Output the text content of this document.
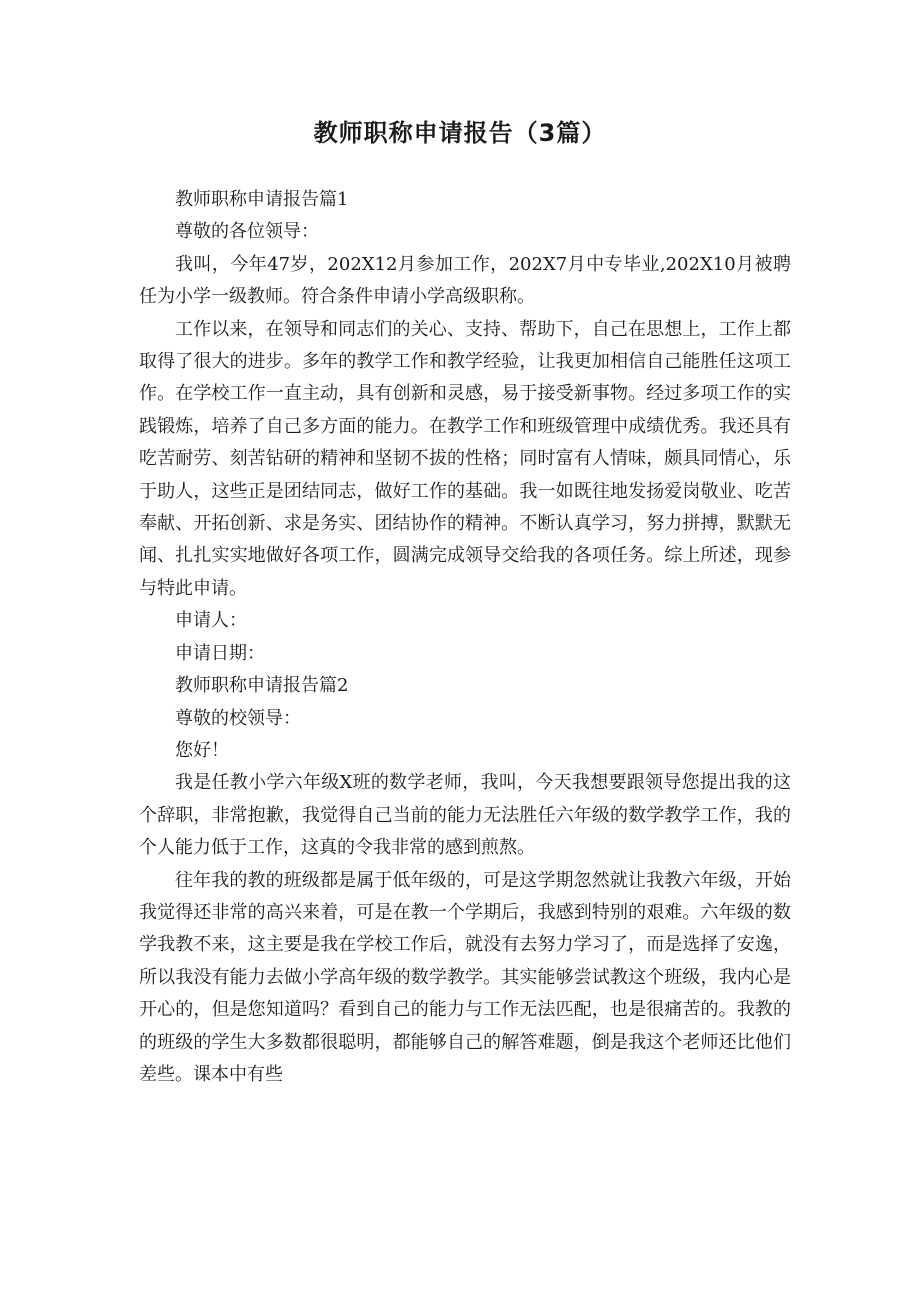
教师职称申请报告（3篇）

教师职称申请报告篇1

尊敬的各位领导：

我叫，今年47岁，202X12月参加工作，202X7月中专毕业,202X10月被聘任为小学一级教师。符合条件申请小学高级职称。

工作以来，在领导和同志们的关心、支持、帮助下，自己在思想上，工作上都取得了很大的进步。多年的教学工作和教学经验，让我更加相信自己能胜任这项工作。在学校工作一直主动，具有创新和灵感，易于接受新事物。经过多项工作的实践锻炼，培养了自己多方面的能力。在教学工作和班级管理中成绩优秀。我还具有吃苦耐劳、刻苦钻研的精神和坚韧不拔的性格；同时富有人情味，颇具同情心，乐于助人，这些正是团结同志，做好工作的基础。我一如既往地发扬爱岗敬业、吃苦奉献、开拓创新、求是务实、团结协作的精神。不断认真学习，努力拼搏，默默无闻、扎扎实实地做好各项工作，圆满完成领导交给我的各项任务。综上所述，现参与特此申请。

申请人：

申请日期：

教师职称申请报告篇2

尊敬的校领导：

您好！

我是任教小学六年级X班的数学老师，我叫，今天我想要跟领导您提出我的这个辞职，非常抱歉，我觉得自己当前的能力无法胜任六年级的数学教学工作，我的个人能力低于工作，这真的令我非常的感到煎熬。

往年我的教的班级都是属于低年级的，可是这学期忽然就让我教六年级，开始我觉得还非常的高兴来着，可是在教一个学期后，我感到特别的艰难。六年级的数学我教不来，这主要是我在学校工作后，就没有去努力学习了，而是选择了安逸，所以我没有能力去做小学高年级的数学教学。其实能够尝试教这个班级，我内心是开心的，但是您知道吗？看到自己的能力与工作无法匹配，也是很痛苦的。我教的的班级的学生大多数都很聪明，都能够自己的解答难题，倒是我这个老师还比他们差些。课本中有些
